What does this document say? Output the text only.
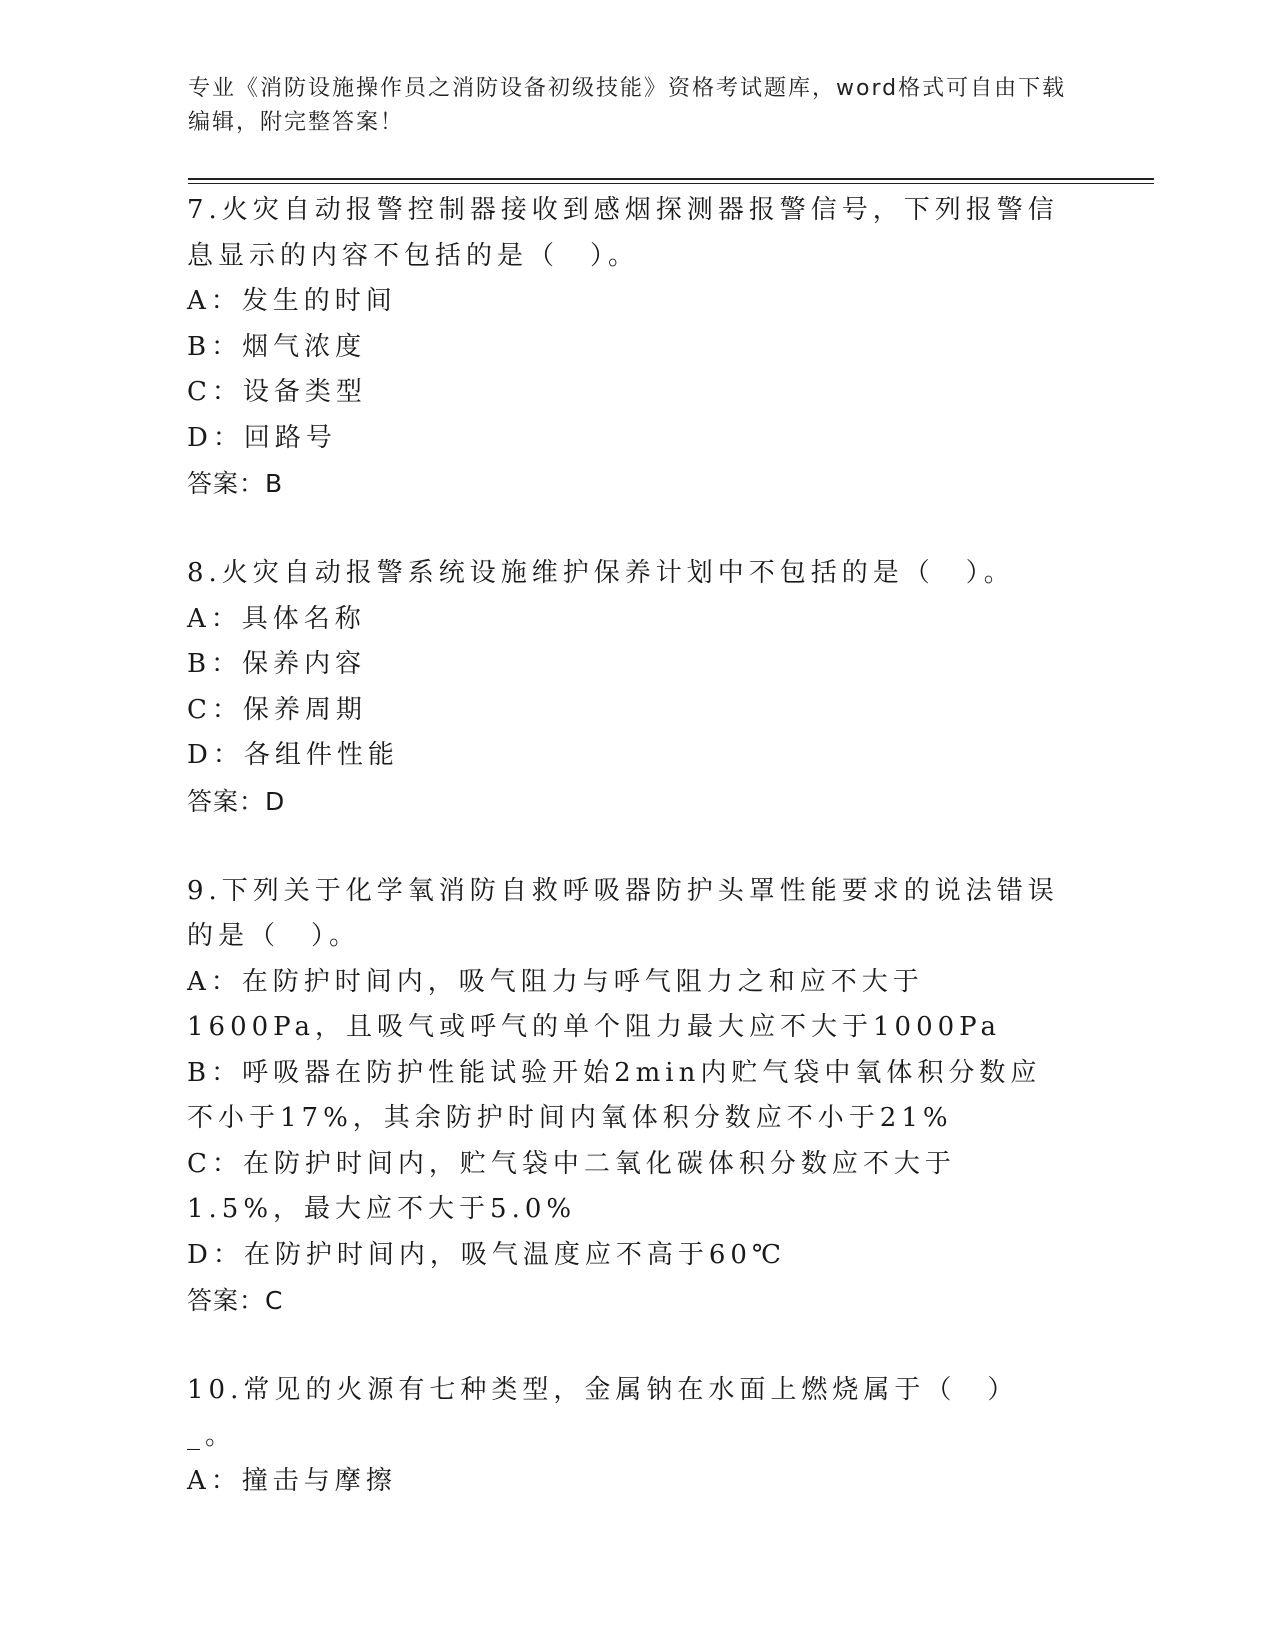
专业《消防设施操作员之消防设备初级技能》资格考试题库，word格式可自由下载编辑，附完整答案！
7.火灾自动报警控制器接收到感烟探测器报警信号，下列报警信息显示的内容不包括的是（　）。
A：发生的时间
B：烟气浓度
C：设备类型
D：回路号
答案：B
8.火灾自动报警系统设施维护保养计划中不包括的是（　）。
A：具体名称
B：保养内容
C：保养周期
D：各组件性能
答案：D
9.下列关于化学氧消防自救呼吸器防护头罩性能要求的说法错误的是（　）。
A：在防护时间内，吸气阻力与呼气阻力之和应不大于1600Pa，且吸气或呼气的单个阻力最大应不大于1000Pa
B：呼吸器在防护性能试验开始2min内贮气袋中氧体积分数应不小于17%，其余防护时间内氧体积分数应不小于21%
C：在防护时间内，贮气袋中二氧化碳体积分数应不大于1.5%，最大应不大于5.0%
D：在防护时间内，吸气温度应不高于60℃
答案：C
10.常见的火源有七种类型，金属钠在水面上燃烧属于（　）_。
A：撞击与摩擦
